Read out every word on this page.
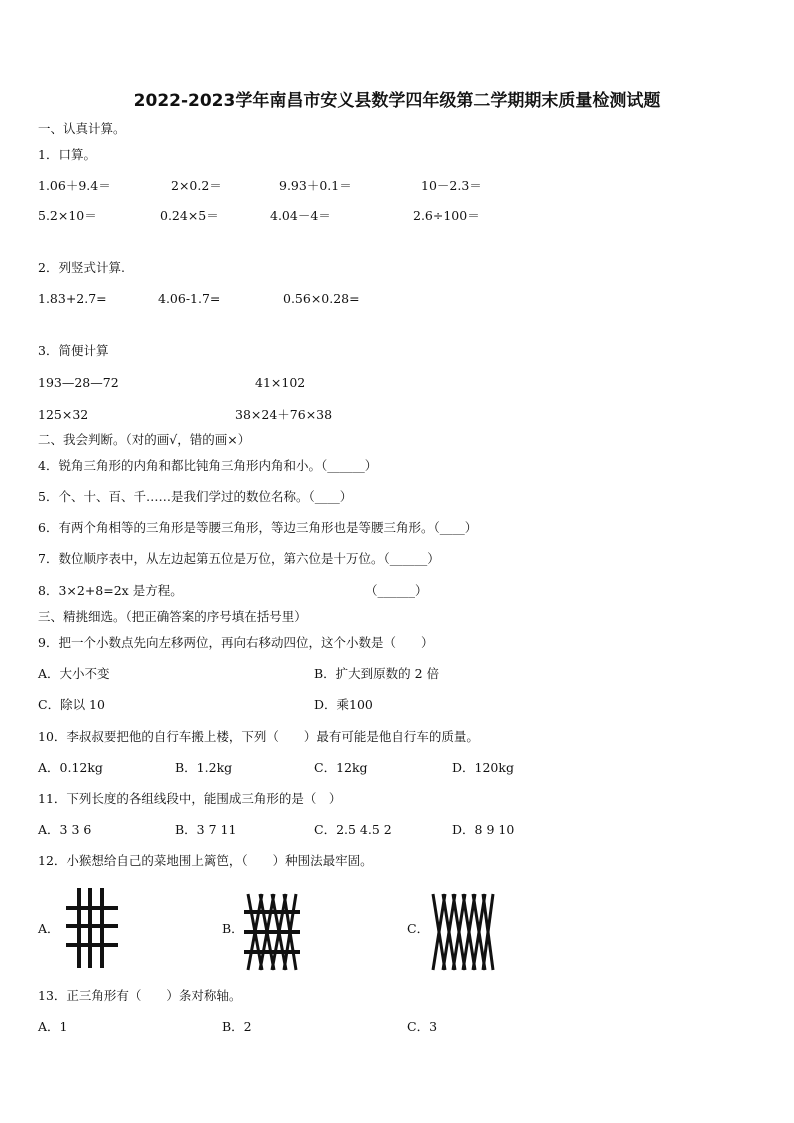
2022-2023学年南昌市安义县数学四年级第二学期期末质量检测试题
一、认真计算。
1．口算。
1.06＋9.4＝	2×0.2＝	9.93＋0.1＝	10－2.3＝
5.2×10＝	0.24×5＝	4.04－4＝	2.6÷100＝
2．列竖式计算.
1.83+2.7=	4.06-1.7=	0.56×0.28=
3．简便计算
193—28—72	41×102
125×32	38×24＋76×38
二、我会判断。（对的画√，错的画×）
4．锐角三角形的内角和都比钝角三角形内角和小。（______）
5．个、十、百、千……是我们学过的数位名称。（____）
6．有两个角相等的三角形是等腰三角形，等边三角形也是等腰三角形。（____）
7．数位顺序表中，从左边起第五位是万位，第六位是十万位。（______）
8．3×2+8=2x 是方程。	（______）
三、精挑细选。（把正确答案的序号填在括号里）
9．把一个小数点先向左移两位，再向右移动四位，这个小数是（　　）
A．大小不变	B．扩大到原数的 2 倍
C．除以 10	D．乘100
10．李叔叔要把他的自行车搬上楼，下列（　　）最有可能是他自行车的质量。
A．0.12kg	B．1.2kg	C．12kg	D．120kg
11．下列长度的各组线段中，能围成三角形的是（　）
A．3 3 6	B．3 7 11	C．2.5 4.5 2	D．8 9 10
12．小猴想给自己的菜地围上篱笆，（　　）种围法最牢固。
A．	B．	C．
13．正三角形有（　　）条对称轴。
A．1	B．2	C．3
